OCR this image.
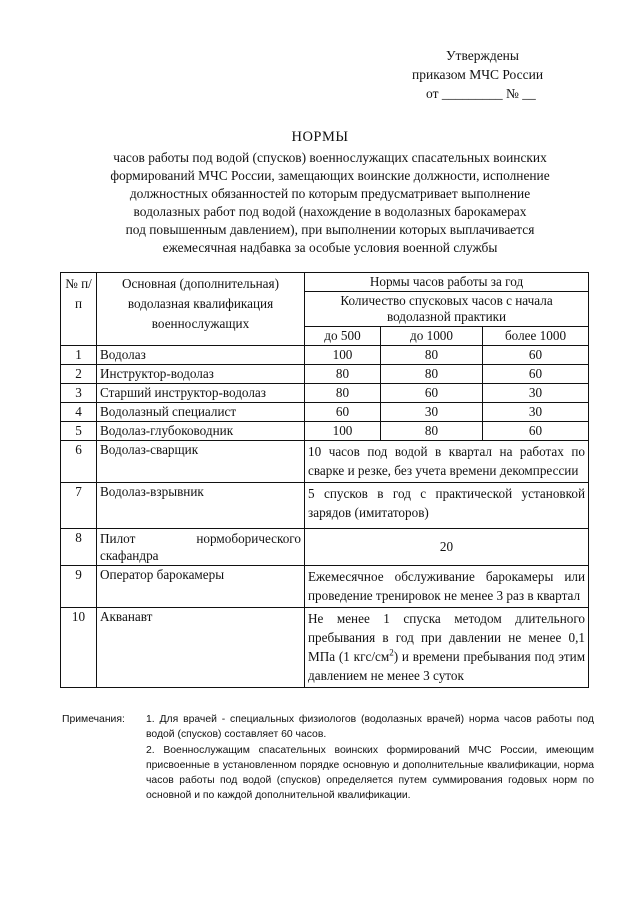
Утверждены
приказом МЧС России
от _________ № __
НОРМЫ
часов работы под водой (спусков) военнослужащих спасательных воинских
формирований МЧС России, замещающих воинские должности, исполнение
должностных обязанностей по которым предусматривает выполнение
водолазных работ под водой (нахождение в водолазных барокамерах
под повышенным давлением), при выполнении которых выплачивается
ежемесячная надбавка за особые условия военной службы
№ п/п	Основная (дополнительная) водолазная квалификация военнослужащих	Нормы часов работы за год		
		Количество спусковых часов с начала водолазной практики		
		до 500	до 1000	более 1000
1	Водолаз	100	80	60
2	Инструктор-водолаз	80	80	60
3	Старший инструктор-водолаз	80	60	30
4	Водолазный специалист	60	30	30
5	Водолаз-глубоководник	100	80	60
6	Водолаз-сварщик	10 часов под водой в квартал на работах по сварке и резке, без учета времени декомпрессии		
7	Водолаз-взрывник	5 спусков в год с практической установкой зарядов (имитаторов)		
8	Пилот нормоборического скафандра	20		
9	Оператор барокамеры	Ежемесячное обслуживание барокамеры или проведение тренировок не менее 3 раз в квартал		
10	Акванавт	Не менее 1 спуска методом длительного пребывания в год при давлении не менее 0,1 МПа (1 кгс/$см^2$) и времени пребывания под этим давлением не менее 3 суток		
Примечания: 1. Для врачей - специальных физиологов (водолазных врачей) норма часов работы под водой (спусков) составляет 60 часов.
2. Военнослужащим спасательных воинских формирований МЧС России, имеющим присвоенные в установленном порядке основную и дополнительные квалификации, норма часов работы под водой (спусков) определяется путем суммирования годовых норм по основной и по каждой дополнительной квалификации.
